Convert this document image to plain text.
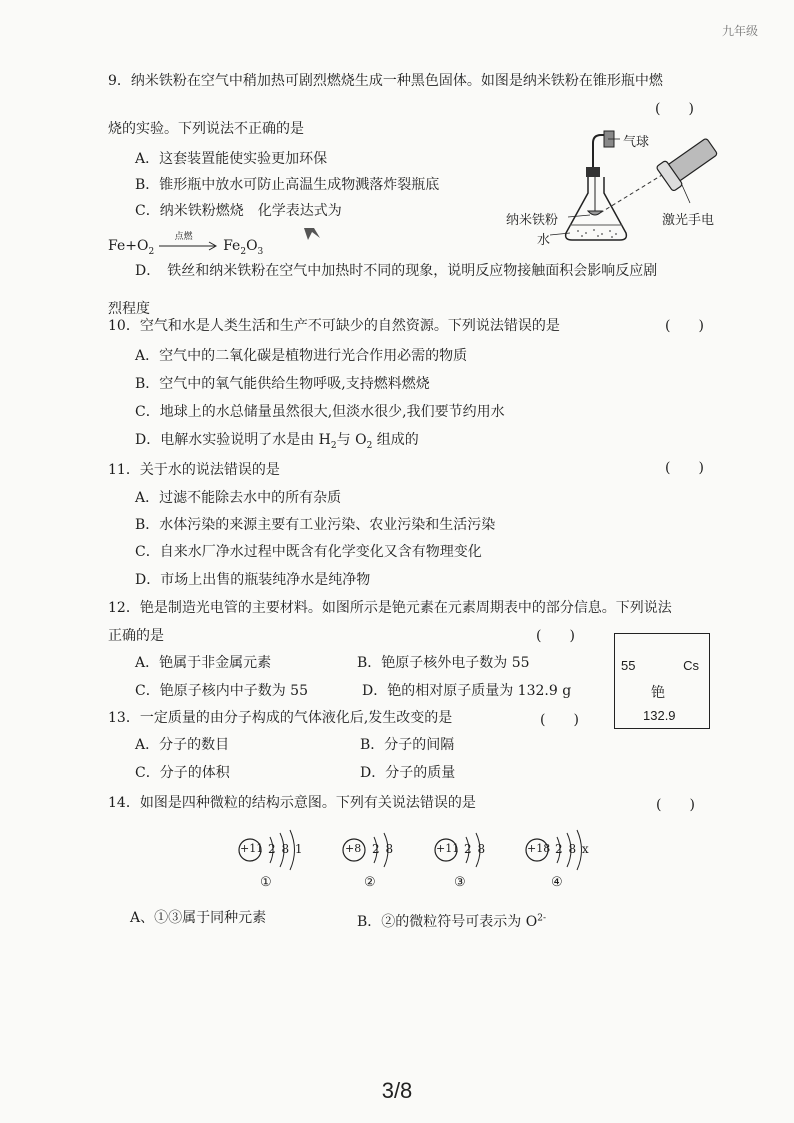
九年级
9．纳米铁粉在空气中稍加热可剧烈燃烧生成一种黑色固体。如图是纳米铁粉在锥形瓶中燃
(　　)
烧的实验。下列说法不正确的是
A．这套装置能使实验更加环保
B．锥形瓶中放水可防止高温生成物溅落炸裂瓶底
C．纳米铁粉燃烧　化学表达式为
$Fe+O_2$
点燃
$Fe_2O_3$
D．　铁丝和纳米铁粉在空气中加热时不同的现象，说明反应物接触面积会影响反应剧
烈程度
气球
纳米铁粉
水
激光手电
10．空气和水是人类生活和生产不可缺少的自然资源。下列说法错误的是	(　　)
A．空气中的二氧化碳是植物进行光合作用必需的物质
B．空气中的氧气能供给生物呼吸,支持燃料燃烧
C．地球上的水总储量虽然很大,但淡水很少,我们要节约用水
D．电解水实验说明了水是由 $H_2$与 $O_2$ 组成的
11．关于水的说法错误的是	(　　)
A．过滤不能除去水中的所有杂质
B．水体污染的来源主要有工业污染、农业污染和生活污染
C．自来水厂净水过程中既含有化学变化又含有物理变化
D．市场上出售的瓶装纯净水是纯净物
12．铯是制造光电管的主要材料。如图所示是铯元素在元素周期表中的部分信息。下列说法
正确的是	(　　)
A．铯属于非金属元素	B．铯原子核外电子数为 55
C．铯原子核内中子数为 55	D．铯的相对原子质量为 132.9 g
55	Cs
铯
132.9
13．一定质量的由分子构成的气体液化后,发生改变的是	(　　)
A．分子的数目	B．分子的间隔
C．分子的体积	D．分子的质量
14．如图是四种微粒的结构示意图。下列有关说法错误的是	(　　)
+11 2 8 1
①
+8 2 8
②
+11 2 8
③
+18 2 8 x
④
A、①③属于同种元素	B．②的微粒符号可表示为 $O^{2-}$
3/8
